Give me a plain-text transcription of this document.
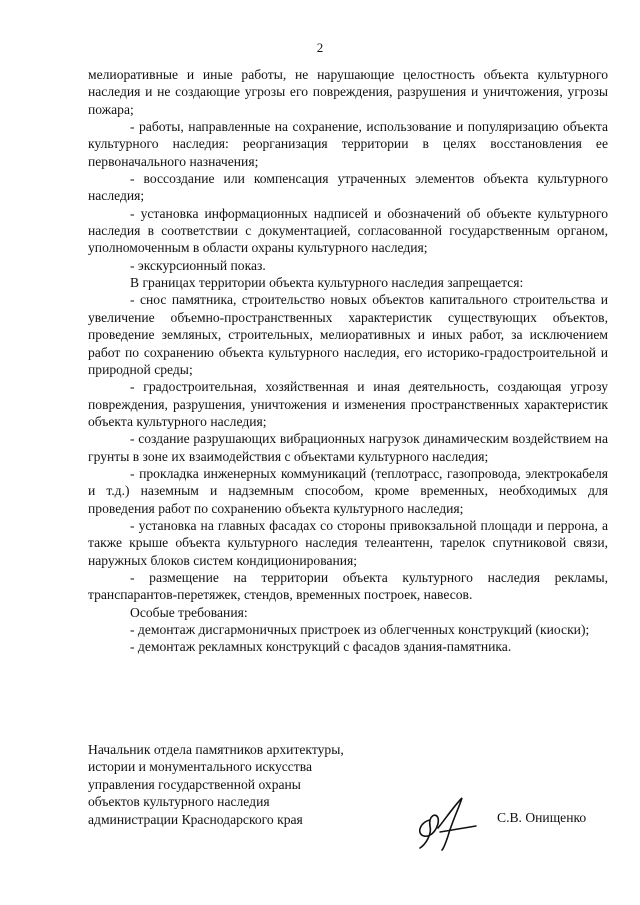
2

мелиоративные и иные работы, не нарушающие целостность объекта культурного наследия и не создающие угрозы его повреждения, разрушения и уничтожения, угрозы пожара;

- работы, направленные на сохранение, использование и популяризацию объекта культурного наследия: реорганизация территории в целях восстановления ее первоначального назначения;

- воссоздание или компенсация утраченных элементов объекта культурного наследия;

- установка информационных надписей и обозначений об объекте культурного наследия в соответствии с документацией, согласованной государственным органом, уполномоченным в области охраны культурного наследия;

- экскурсионный показ.

В границах территории объекта культурного наследия запрещается:

- снос памятника, строительство новых объектов капитального строительства и увеличение объемно-пространственных характеристик существующих объектов, проведение земляных, строительных, мелиоративных и иных работ, за исключением работ по сохранению объекта культурного наследия, его историко-градостроительной и природной среды;

- градостроительная, хозяйственная и иная деятельность, создающая угрозу повреждения, разрушения, уничтожения и изменения пространственных характеристик объекта культурного наследия;

- создание разрушающих вибрационных нагрузок динамическим воздействием на грунты в зоне их взаимодействия с объектами культурного наследия;

- прокладка инженерных коммуникаций (теплотрасс, газопровода, электрокабеля и т.д.) наземным и надземным способом, кроме временных, необходимых для проведения работ по сохранению объекта культурного наследия;

- установка на главных фасадах со стороны привокзальной площади и перрона, а также крыше объекта культурного наследия телеантенн, тарелок спутниковой связи, наружных блоков систем кондиционирования;

- размещение на территории объекта культурного наследия рекламы, транспарантов-перетяжек, стендов, временных построек, навесов.

Особые требования:

- демонтаж дисгармоничных пристроек из облегченных конструкций (киоски);

- демонтаж рекламных конструкций с фасадов здания-памятника.

Начальник отдела памятников архитектуры,
истории и монументального искусства
управления государственной охраны
объектов культурного наследия
администрации Краснодарского края	С.В. Онищенко
